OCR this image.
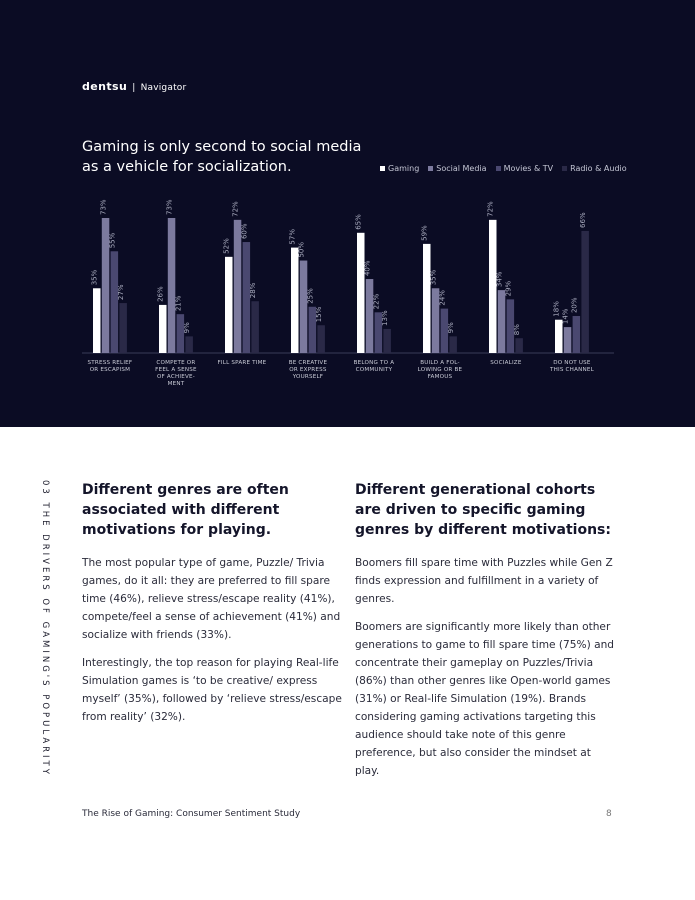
dentsu | Navigator
Gaming is only second to social media as a vehicle for socialization.	Gaming Social Media Movies & TV Radio & Audio
35%
73%
55%
27%
STRESS RELIEF OR ESCAPISM
26%
73%
21%
9%
COMPETE OR FEEL A SENSE OF ACHIEVE-MENT
52%
72%
60%
28%
FILL SPARE TIME
57%
50%
25%
15%
BE CREATIVE OR EXPRESS YOURSELF
65%
40%
22%
13%
BELONG TO A COMMUNITY
59%
35%
24%
9%
BUILD A FOL-LOWING OR BE FAMOUS
72%
34%
29%
8%
SOCIALIZE
18% 14%
20%
66%
DO NOT USE THIS CHANNEL
03 THE DRIVERS OF GAMING'S POPULARITY Different genres are often associated with different motivations for playing.

The most popular type of game, Puzzle/ Trivia games, do it all: they are preferred to fill spare time (46%), relieve stress/escape reality (41%), compete/feel a sense of achievement (41%) and socialize with friends (33%).

Interestingly, the top reason for playing Real-life Simulation games is ‘to be creative/ express myself’ (35%), followed by ‘relieve stress/escape from reality’ (32%).

Different generational cohorts are driven to specific gaming genres by different motivations:

Boomers fill spare time with Puzzles while Gen Z finds expression and fulfillment in a variety of genres.

Boomers are significantly more likely than other generations to game to fill spare time (75%) and concentrate their gameplay on Puzzles/Trivia (86%) than other genres like Open-world games (31%) or Real-life Simulation (19%). Brands considering gaming activations targeting this audience should take note of this genre preference, but also consider the mindset at play.

The Rise of Gaming: Consumer Sentiment Study	8
